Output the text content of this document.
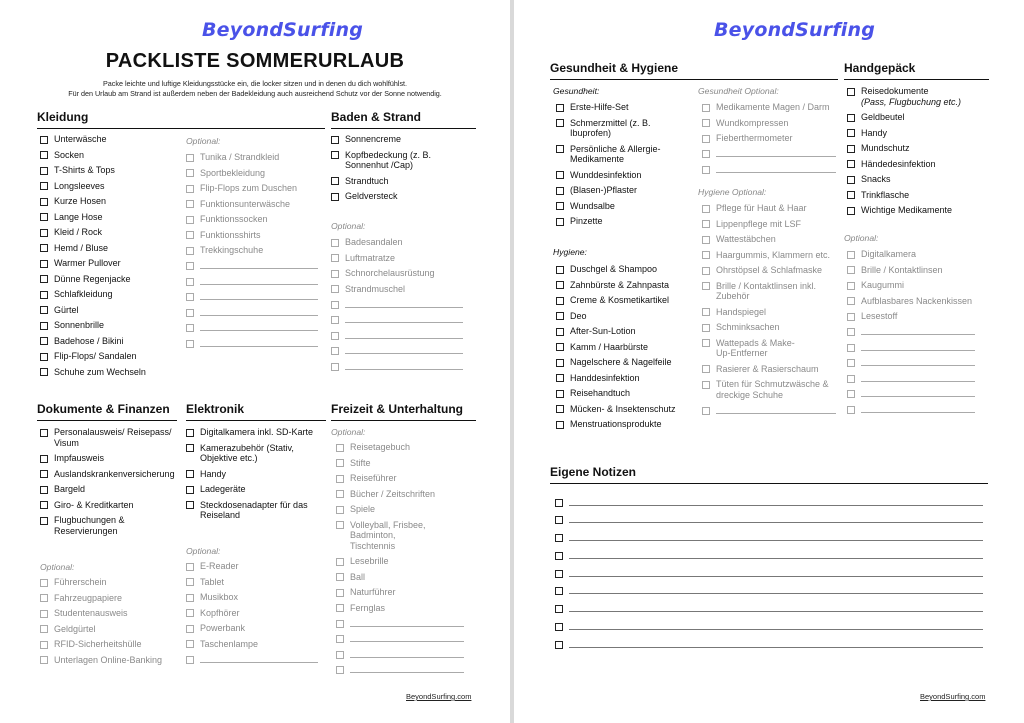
BeyondSurfing
PACKLISTE SOMMERURLAUB
Packe leichte und luftige Kleidungsstücke ein, die locker sitzen und in denen du dich wohlfühlst.
Für den Urlaub am Strand ist außerdem neben der Badekleidung auch ausreichend Schutz vor der Sonne notwendig.
Kleidung
Unterwäsche
Socken
T-Shirts & Tops
Longsleeves
Kurze Hosen
Lange Hose
Kleid / Rock
Hemd / Bluse
Warmer Pullover
Dünne Regenjacke
Schlafkleidung
Gürtel
Sonnenbrille
Badehose / Bikini
Flip-Flops/ Sandalen
Schuhe zum Wechseln
Optional:
Tunika / Strandkleid
Sportbekleidung
Flip-Flops zum Duschen
Funktionsunterwäsche
Funktionssocken
Funktionsshirts
Trekkingschuhe
Baden & Strand
Sonnencreme
Kopfbedeckung (z. B. Sonnenhut /Cap)
Strandtuch
Geldversteck
Optional:
Badesandalen
Luftmatratze
Schnorchelausrüstung
Strandmuschel
Dokumente & Finanzen
Personalausweis/ Reisepass/ Visum
Impfausweis
Auslandskrankenversicherung
Bargeld
Giro- & Kreditkarten
Flugbuchungen & Reservierungen
Optional:
Führerschein
Fahrzeugpapiere
Studentenausweis
Geldgürtel
RFID-Sicherheitshülle
Unterlagen Online-Banking
Elektronik
Digitalkamera inkl. SD-Karte
Kamerazubehör (Stativ, Objektive etc.)
Handy
Ladegeräte
Steckdosenadapter für das Reiseland
Optional:
E-Reader
Tablet
Musikbox
Kopfhörer
Powerbank
Taschenlampe
Freizeit & Unterhaltung
Optional:
Reisetagebuch
Stifte
Reiseführer
Bücher / Zeitschriften
Spiele
Volleyball, Frisbee, Badminton, Tischtennis
Lesebrille
Ball
Naturführer
Fernglas
BeyondSurfing.com
BeyondSurfing
Gesundheit & Hygiene
Gesundheit:
Erste-Hilfe-Set
Schmerzmittel (z. B. Ibuprofen)
Persönliche & Allergie-Medikamente
Wunddesinfektion
(Blasen-)Pflaster
Wundsalbe
Pinzette
Hygiene:
Duschgel & Shampoo
Zahnbürste & Zahnpasta
Creme & Kosmetikartikel
Deo
After-Sun-Lotion
Kamm / Haarbürste
Nagelschere & Nagelfeile
Handdesinfektion
Reisehandtuch
Mücken- & Insektenschutz
Menstruationsprodukte
Gesundheit Optional:
Medikamente Magen / Darm
Wundkompressen
Fieberthermometer
Hygiene Optional:
Pflege für Haut & Haar
Lippenpflege mit LSF
Wattestäbchen
Haargummis, Klammern etc.
Ohrstöpsel & Schlafmaske
Brille / Kontaktlinsen inkl. Zubehör
Handspiegel
Schminksachen
Wattepads & Make-Up-Entferner
Rasierer & Rasierschaum
Tüten für Schmutzwäsche & dreckige Schuhe
Handgepäck
Reisedokumente
(Pass, Flugbuchung etc.)
Geldbeutel
Handy
Mundschutz
Händedesinfektion
Snacks
Trinkflasche
Wichtige Medikamente
Optional:
Digitalkamera
Brille / Kontaktlinsen
Kaugummi
Aufblasbares Nackenkissen
Lesestoff
Eigene Notizen
BeyondSurfing.com
